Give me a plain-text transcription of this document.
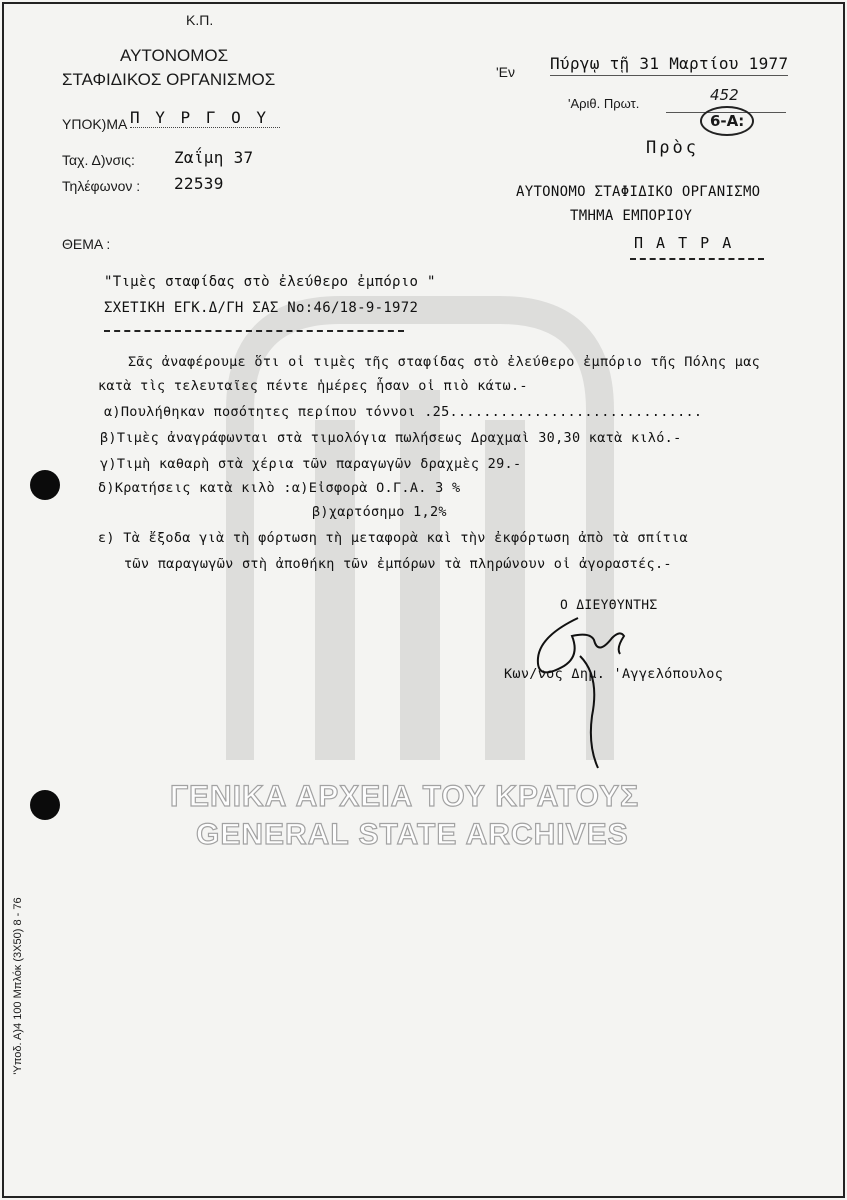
Κ.Π.
ΑΥΤΟΝΟΜΟΣ
ΣΤΑΦΙΔΙΚΟΣ ΟΡΓΑΝΙΣΜΟΣ
ΥΠΟΚ)ΜΑ Π Υ Ρ Γ Ο Υ
Ταχ. Δ)νσις: Ζαΐμη 37
Τηλέφωνον : 22539
ΘΕΜΑ :
'Εν Πύργῳ τῇ 31 Μαρτίου 1977
'Αριθ. Πρωτ.	452
6-Α:
Πρὸς
ΑΥΤΟΝΟΜΟ ΣΤΑΦΙΔΙΚΟ ΟΡΓΑΝΙΣΜΟ
ΤΜΗΜΑ ΕΜΠΟΡΙΟΥ
Π Α Τ Ρ Α
"Τιμὲς σταφίδας στὸ ἐλεύθερο ἐμπόριο "
ΣΧΕΤΙΚΗ ΕΓΚ.Δ/ΓΗ ΣΑΣ Νο:46/18-9-1972
Σᾶς ἀναφέρουμε ὅτι οἱ τιμὲς τῆς σταφίδας στὸ ἐλεύθερο ἐμπόριο τῆς Πόλης μας
κατὰ τὶς τελευταῖες πέντε ἡμέρες ἦσαν οἱ πιὸ κάτω.-
α)Πουλήθηκαν ποσότητες περίπου τόννοι .25..............................
β)Τιμὲς ἀναγράφωνται στὰ τιμολόγια πωλήσεως Δραχμαὶ 30,30 κατὰ κιλό.-
γ)Τιμὴ καθαρὴ στὰ χέρια τῶν παραγωγῶν δραχμὲς 29.-
δ)Κρατήσεις κατὰ κιλὸ :α)Εἰσφορὰ Ο.Γ.Α. 3 %
β)χαρτόσημο 1,2%
ε) Τὰ ἔξοδα γιὰ τὴ φόρτωση τὴ μεταφορὰ καὶ τὴν ἐκφόρτωση ἀπὸ τὰ σπίτια
τῶν παραγωγῶν στὴ ἀποθήκη τῶν ἐμπόρων τὰ πληρώνουν οἱ ἀγοραστές.-
Ο ΔΙΕΥΘΥΝΤΗΣ
Κων/νος Δημ. 'Αγγελόπουλος
ΓΕΝΙΚΑ ΑΡΧΕΙΑ ΤΟΥ ΚΡΑΤΟΥΣ
GENERAL STATE ARCHIVES
'Υποδ. Α)4 100 Μπλόκ (3Χ50) 8 - 76
